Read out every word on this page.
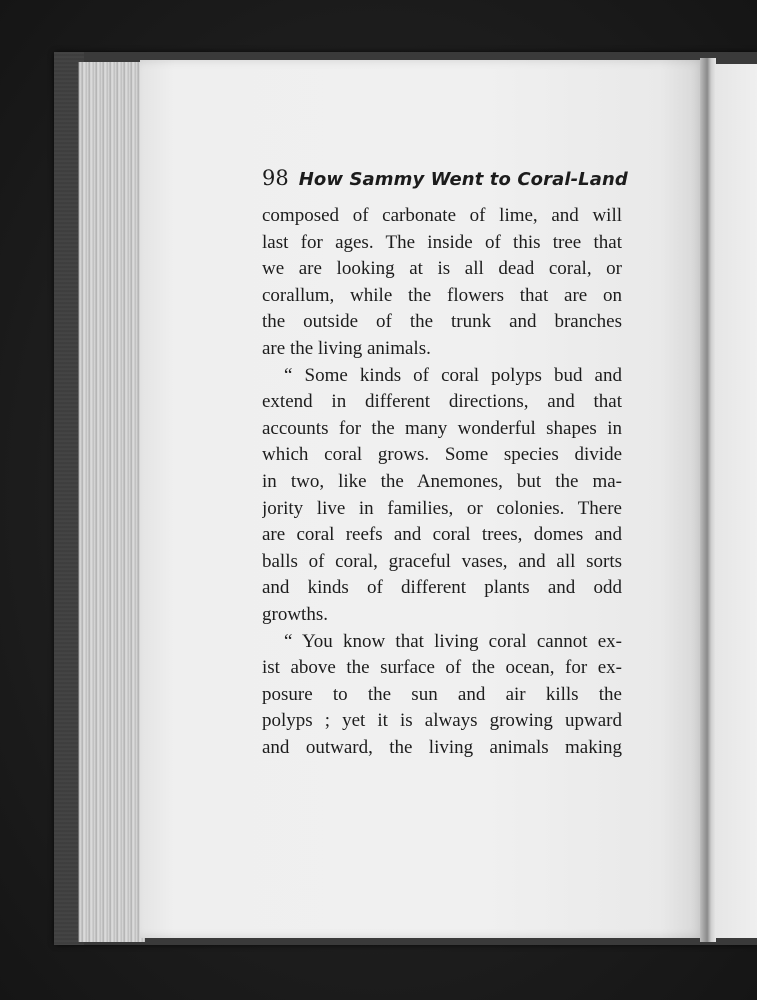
98 How Sammy Went to Coral-Land
composed of carbonate of lime, and will
last for ages. The inside of this tree that
we are looking at is all dead coral, or
corallum, while the flowers that are on
the outside of the trunk and branches
are the living animals.
“ Some kinds of coral polyps bud and
extend in different directions, and that
accounts for the many wonderful shapes in
which coral grows. Some species divide
in two, like the Anemones, but the ma-
jority live in families, or colonies. There
are coral reefs and coral trees, domes and
balls of coral, graceful vases, and all sorts
and kinds of different plants and odd
growths.
“ You know that living coral cannot ex-
ist above the surface of the ocean, for ex-
posure to the sun and air kills the
polyps ; yet it is always growing upward
and outward, the living animals making
